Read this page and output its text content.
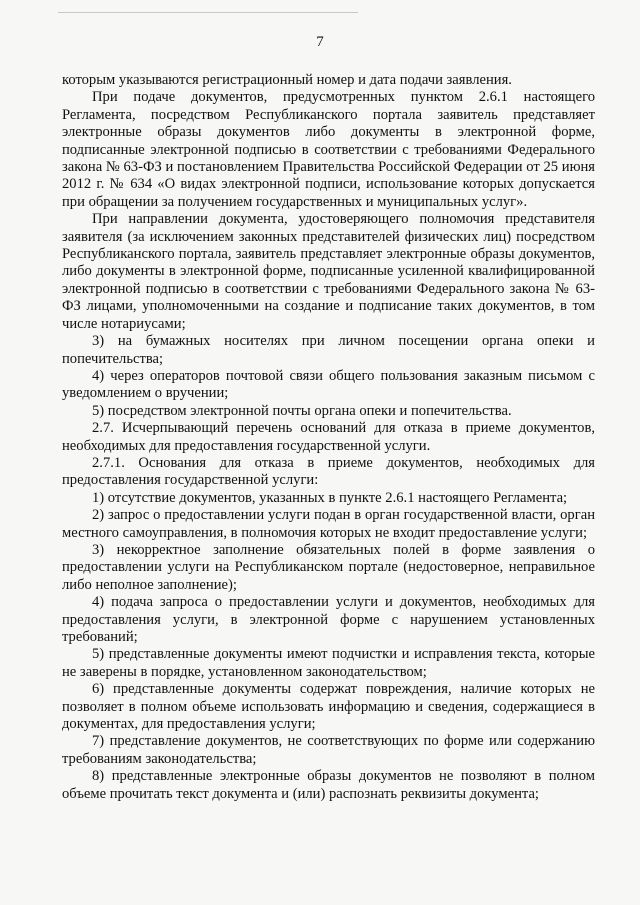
7

которым указываются регистрационный номер и дата подачи заявления.

При подаче документов, предусмотренных пунктом 2.6.1 настоящего Регламента, посредством Республиканского портала заявитель представляет электронные образы документов либо документы в электронной форме, подписанные электронной подписью в соответствии с требованиями Федерального закона № 63-ФЗ и постановлением Правительства Российской Федерации от 25 июня 2012 г. № 634 «О видах электронной подписи, использование которых допускается при обращении за получением государственных и муниципальных услуг».

При направлении документа, удостоверяющего полномочия представителя заявителя (за исключением законных представителей физических лиц) посредством Республиканского портала, заявитель представляет электронные образы документов, либо документы в электронной форме, подписанные усиленной квалифицированной электронной подписью в соответствии с требованиями Федерального закона № 63-ФЗ лицами, уполномоченными на создание и подписание таких документов, в том числе нотариусами;

3) на бумажных носителях при личном посещении органа опеки и попечительства;

4) через операторов почтовой связи общего пользования заказным письмом с уведомлением о вручении;

5) посредством электронной почты органа опеки и попечительства.

2.7. Исчерпывающий перечень оснований для отказа в приеме документов, необходимых для предоставления государственной услуги.

2.7.1. Основания для отказа в приеме документов, необходимых для предоставления государственной услуги:

1) отсутствие документов, указанных в пункте 2.6.1 настоящего Регламента;

2) запрос о предоставлении услуги подан в орган государственной власти, орган местного самоуправления, в полномочия которых не входит предоставление услуги;

3) некорректное заполнение обязательных полей в форме заявления о предоставлении услуги на Республиканском портале (недостоверное, неправильное либо неполное заполнение);

4) подача запроса о предоставлении услуги и документов, необходимых для предоставления услуги, в электронной форме с нарушением установленных требований;

5) представленные документы имеют подчистки и исправления текста, которые не заверены в порядке, установленном законодательством;

6) представленные документы содержат повреждения, наличие которых не позволяет в полном объеме использовать информацию и сведения, содержащиеся в документах, для предоставления услуги;

7) представление документов, не соответствующих по форме или содержанию требованиям законодательства;

8) представленные электронные образы документов не позволяют в полном объеме прочитать текст документа и (или) распознать реквизиты документа;
